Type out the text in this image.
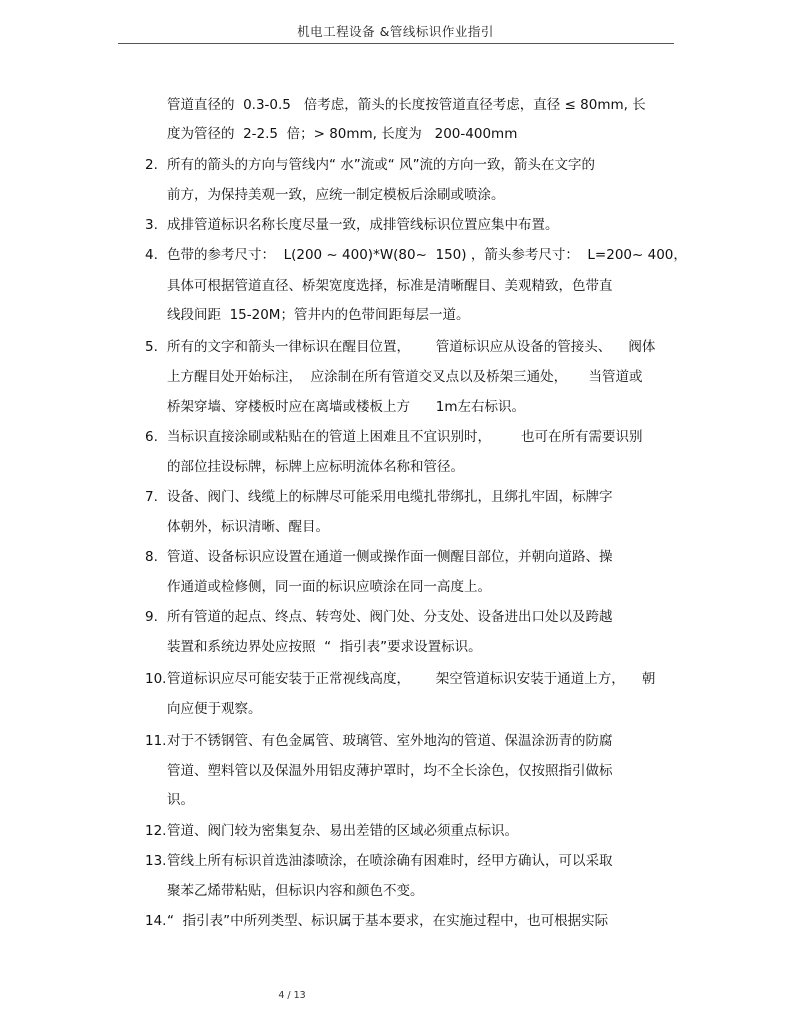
机电工程设备 &管线标识作业指引
管道直径的  0.3-0.5   倍考虑，箭头的长度按管道直径考虑，直径 ≤ 80mm, 长
度为管径的  2-2.5  倍；> 80mm, 长度为   200-400mm
2. 所有的箭头的方向与管线内“ 水”流或“ 风”流的方向一致，箭头在文字的
前方，为保持美观一致，应统一制定模板后涂刷或喷涂。
3. 成排管道标识名称长度尽量一致，成排管线标识位置应集中布置。
4. 色带的参考尺寸：  L(200 ~ 400)*W(80~  150) ，箭头参考尺寸：  L=200~ 400，
具体可根据管道直径、桥架宽度选择，标准是清晰醒目、美观精致，色带直
线段间距  15-20M；管井内的色带间距每层一道。
5. 所有的文字和箭头一律标识在醒目位置，      管道标识应从设备的管接头、    阀体
上方醒目处开始标注，  应涂制在所有管道交叉点以及桥架三通处，     当管道或
桥架穿墙、穿楼板时应在离墙或楼板上方      1m左右标识。
6. 当标识直接涂刷或粘贴在的管道上困难且不宜识别时，       也可在所有需要识别
的部位挂设标牌，标牌上应标明流体名称和管径。
7. 设备、阀门、线缆上的标牌尽可能采用电缆扎带绑扎，且绑扎牢固，标牌字
体朝外，标识清晰、醒目。
8. 管道、设备标识应设置在通道一侧或操作面一侧醒目部位，并朝向道路、操
作通道或检修侧，同一面的标识应喷涂在同一高度上。
9. 所有管道的起点、终点、转弯处、阀门处、分支处、设备进出口处以及跨越
装置和系统边界处应按照  “  指引表”要求设置标识。
10. 管道标识应尽可能安装于正常视线高度，      架空管道标识安装于通道上方，    朝
向应便于观察。
11. 对于不锈钢管、有色金属管、玻璃管、室外地沟的管道、保温涂沥青的防腐
管道、塑料管以及保温外用铝皮薄护罩时，均不全长涂色，仅按照指引做标
识。
12. 管道、阀门较为密集复杂、易出差错的区域必须重点标识。
13. 管线上所有标识首选油漆喷涂，在喷涂确有困难时，经甲方确认，可以采取
聚苯乙烯带粘贴，但标识内容和颜色不变。
14. “  指引表”中所列类型、标识属于基本要求，在实施过程中，也可根据实际
4 / 13
